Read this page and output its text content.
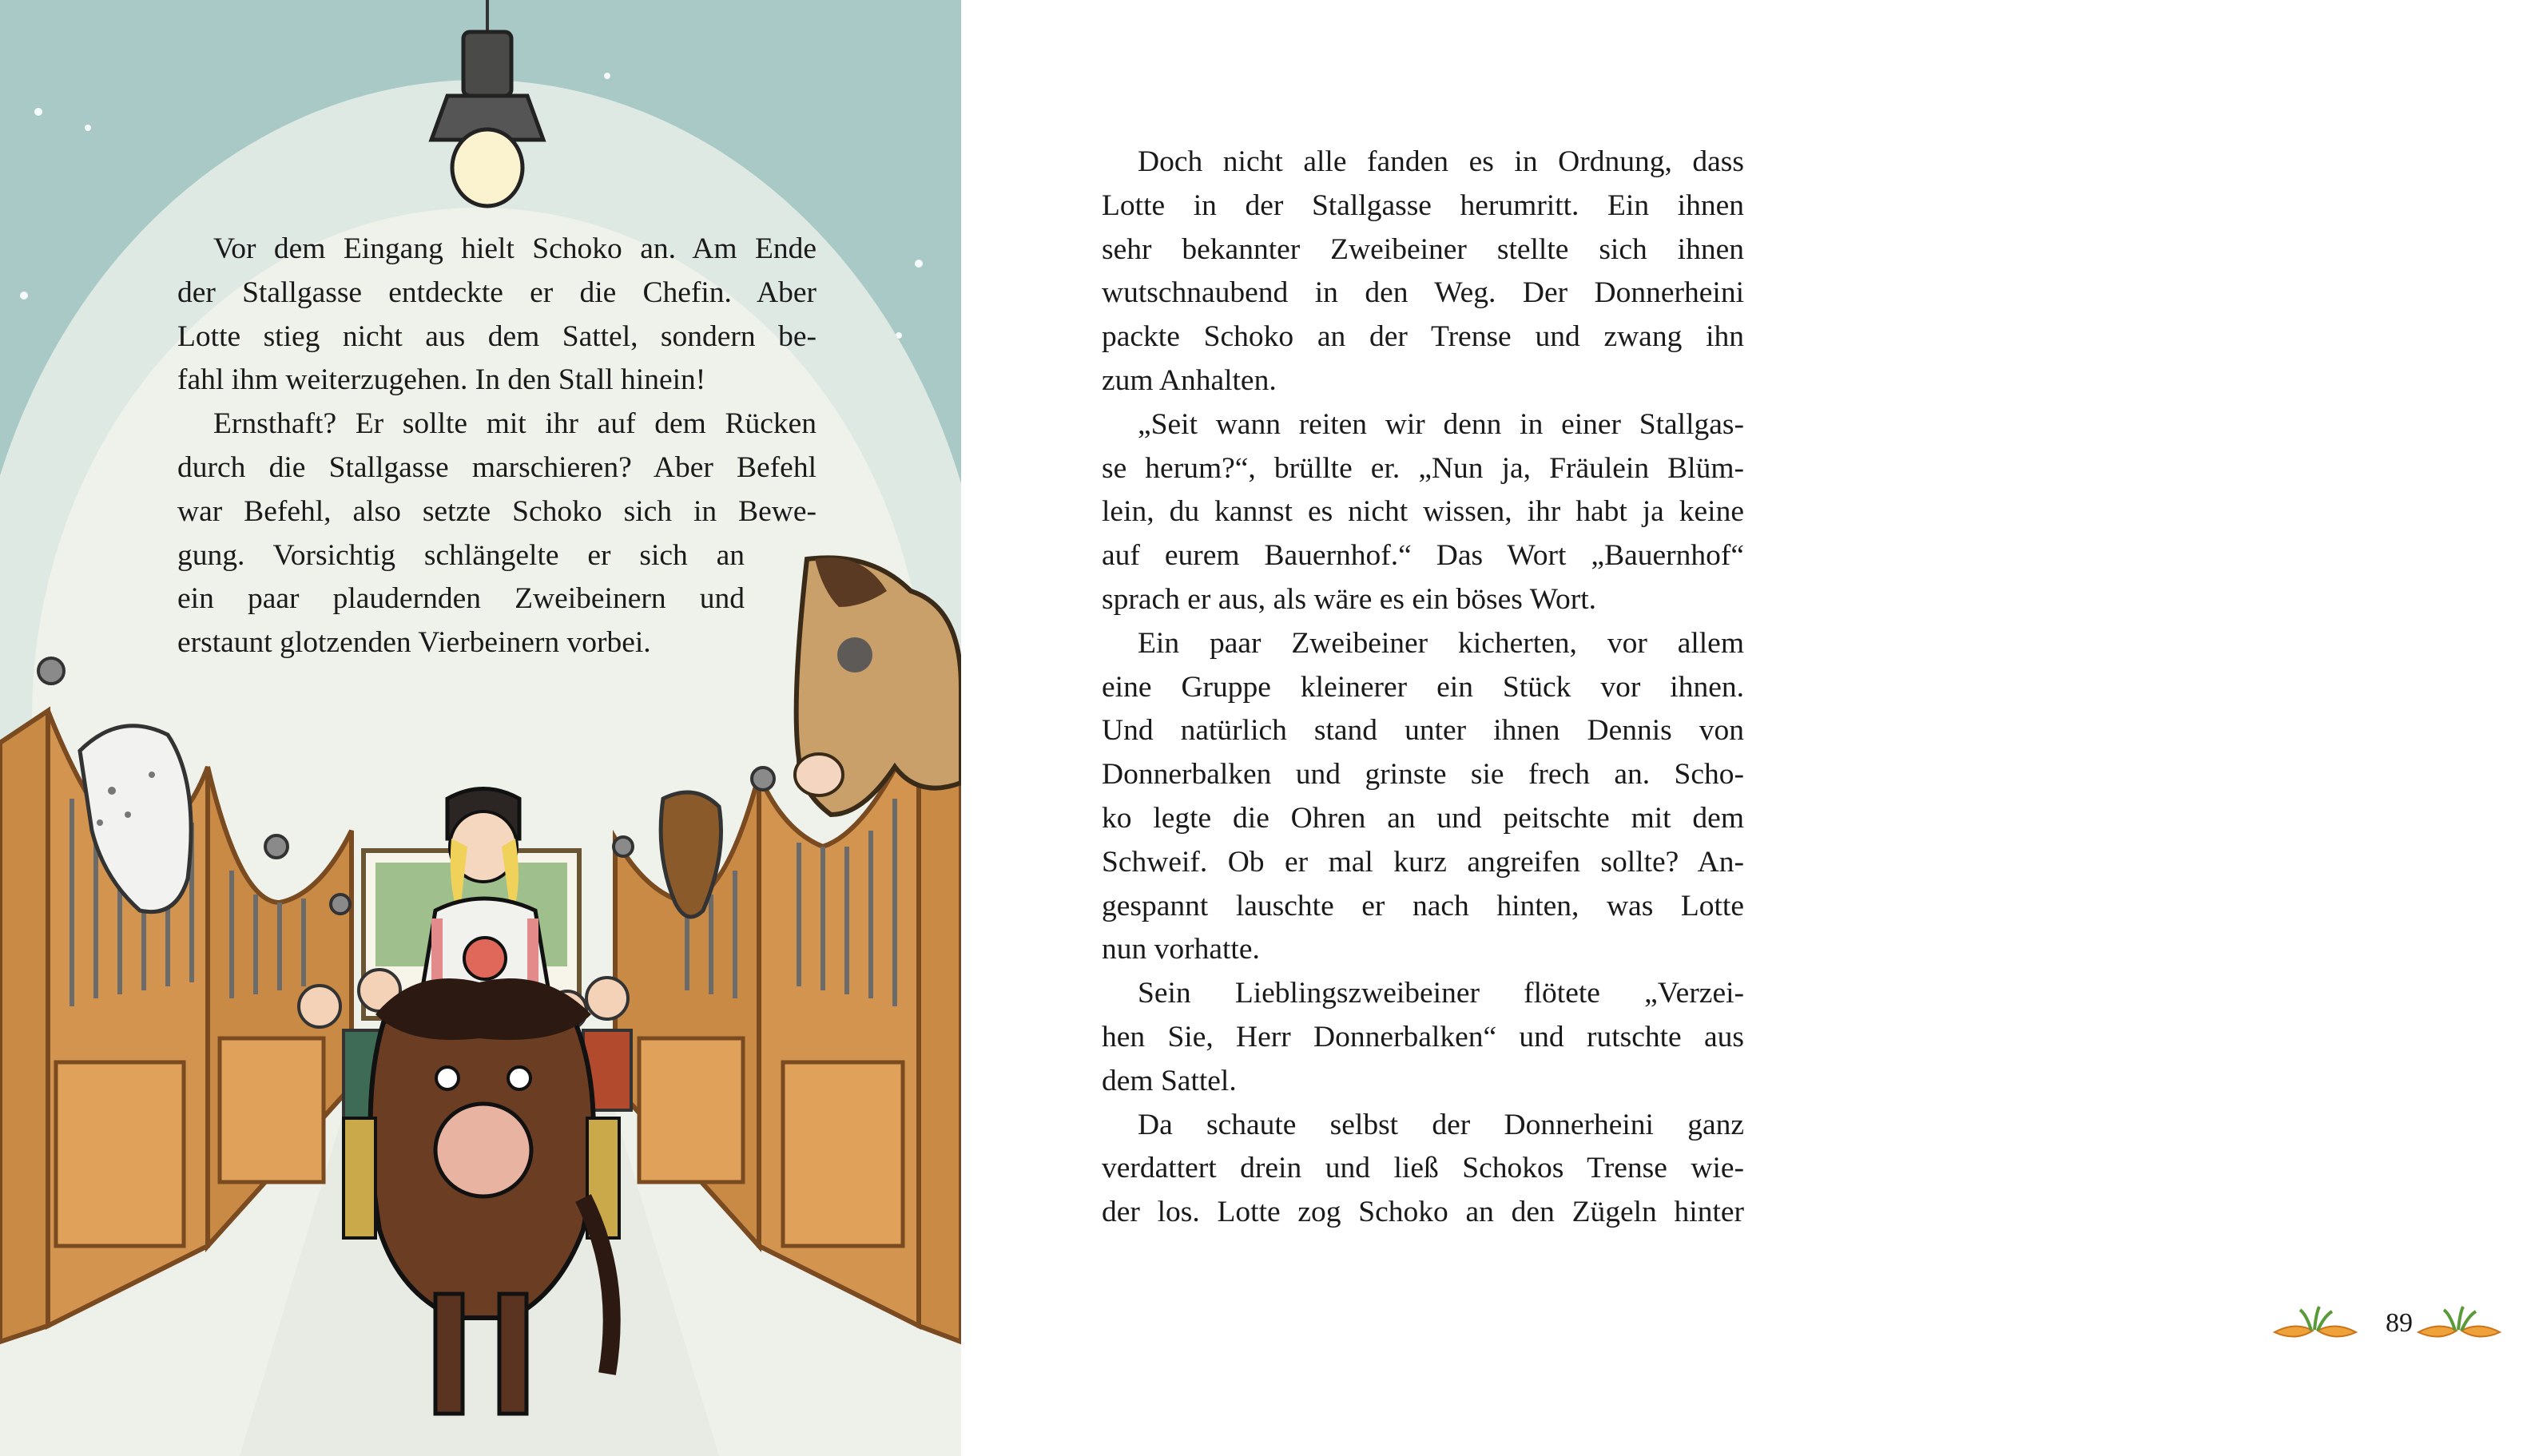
Vor dem Eingang hielt Schoko an. Am Ende
der Stallgasse entdeckte er die Chefin. Aber
Lotte stieg nicht aus dem Sattel, sondern be-
fahl ihm weiterzugehen. In den Stall hinein!
Ernsthaft? Er sollte mit ihr auf dem Rücken
durch die Stallgasse marschieren? Aber Befehl
war Befehl, also setzte Schoko sich in Bewe-
gung. Vorsichtig schlängelte er sich an
ein paar plaudernden Zweibeinern und
erstaunt glotzenden Vierbeinern vorbei.
Doch nicht alle fanden es in Ordnung, dass
Lotte in der Stallgasse herumritt. Ein ihnen
sehr bekannter Zweibeiner stellte sich ihnen
wutschnaubend in den Weg. Der Donnerheini
packte Schoko an der Trense und zwang ihn
zum Anhalten.
„Seit wann reiten wir denn in einer Stallgas-
se herum?“, brüllte er. „Nun ja, Fräulein Blüm-
lein, du kannst es nicht wissen, ihr habt ja keine
auf eurem Bauernhof.“ Das Wort „Bauernhof“
sprach er aus, als wäre es ein böses Wort.
Ein paar Zweibeiner kicherten, vor allem
eine Gruppe kleinerer ein Stück vor ihnen.
Und natürlich stand unter ihnen Dennis von
Donnerbalken und grinste sie frech an. Scho-
ko legte die Ohren an und peitschte mit dem
Schweif. Ob er mal kurz angreifen sollte? An-
gespannt lauschte er nach hinten, was Lotte
nun vorhatte.
Sein Lieblingszweibeiner flötete „Verzei-
hen Sie, Herr Donnerbalken“ und rutschte aus
dem Sattel.
Da schaute selbst der Donnerheini ganz
verdattert drein und ließ Schokos Trense wie-
der los. Lotte zog Schoko an den Zügeln hinter
89
